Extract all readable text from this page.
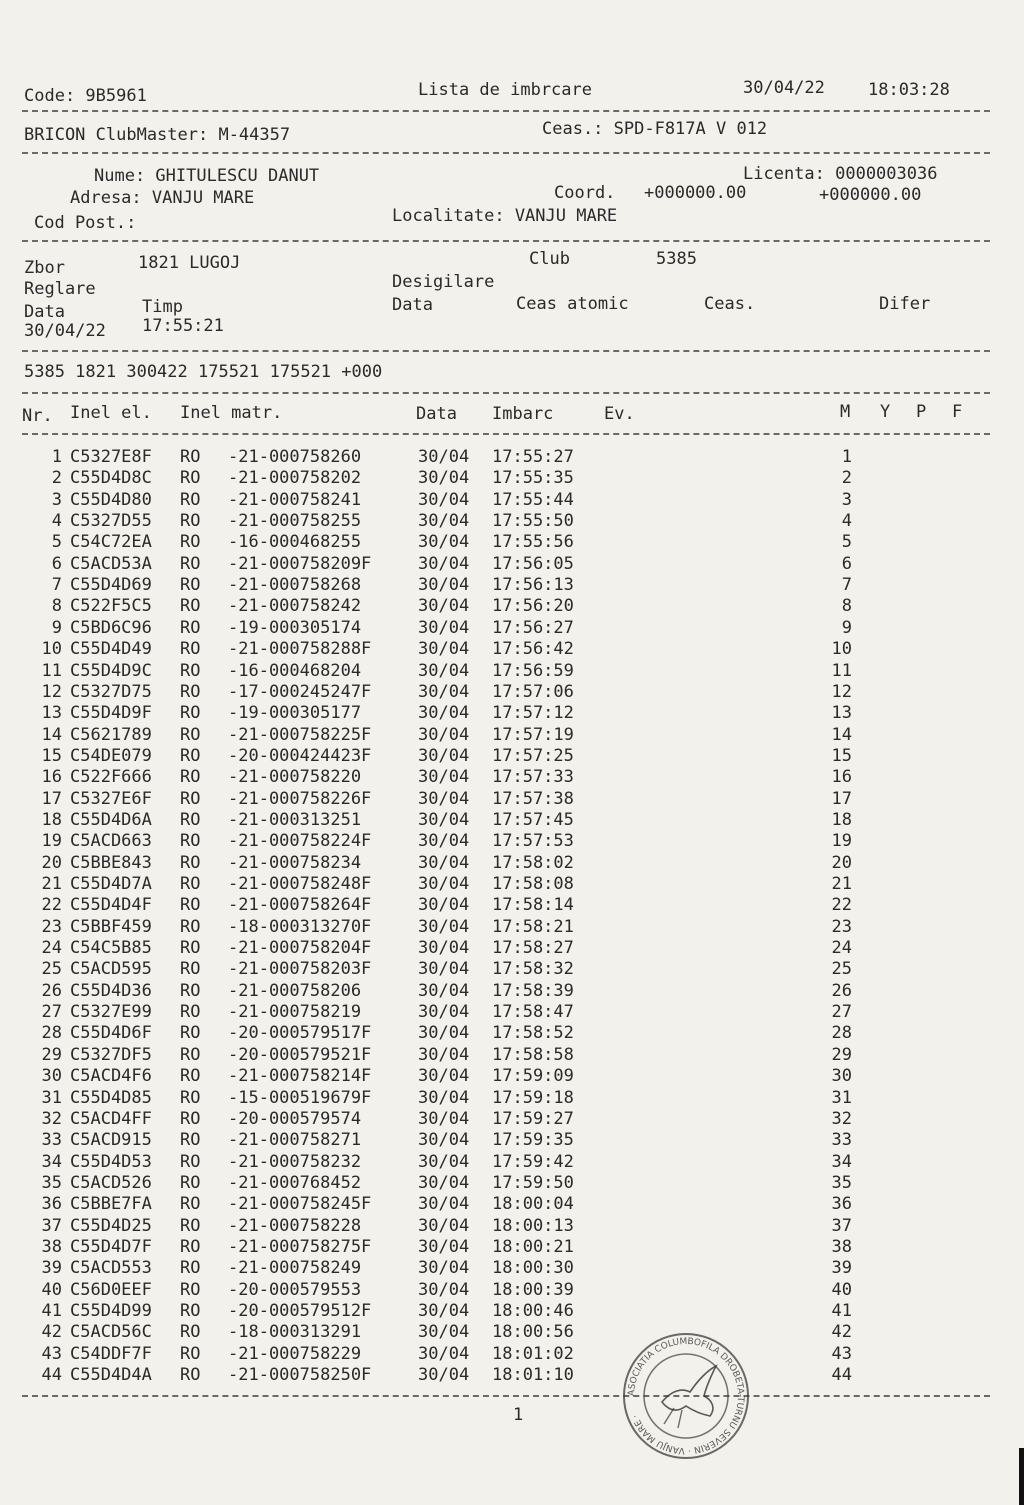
Code: 9B5961	Lista de imbrcare	30/04/22	18:03:28
BRICON ClubMaster: M-44357	Ceas.: SPD-F817A V 012
Nume: GHITULESCU DANUT	Licenta: 0000003036
Adresa: VANJU MARE	Coord. +000000.00	+000000.00
Cod Post.:	Localitate: VANJU MARE
Zbor	1821 LUGOJ	Club	5385
Reglare	Desigilare
Data	Timp	Data	Ceas atomic	Ceas.	Difer
30/04/22 17:55:21
5385 1821 300422 175521 175521 +000
Nr. Inel el. Inel matr.	Data Imbarc	Ev.	M Y P F
1 C5327E8F RO -21-000758260	30/04 17:55:27	1
2 C55D4D8C RO -21-000758202	30/04 17:55:35	2
3 C55D4D80 RO -21-000758241	30/04 17:55:44	3
4 C5327D55 RO -21-000758255	30/04 17:55:50	4
5 C54C72EA RO -16-000468255	30/04 17:55:56	5
6 C5ACD53A RO -21-000758209F	30/04 17:56:05	6
7 C55D4D69 RO -21-000758268	30/04 17:56:13	7
8 C522F5C5 RO -21-000758242	30/04 17:56:20	8
9 C5BD6C96 RO -19-000305174	30/04 17:56:27	9
10 C55D4D49 RO -21-000758288F	30/04 17:56:42	10
11 C55D4D9C RO -16-000468204	30/04 17:56:59	11
12 C5327D75 RO -17-000245247F	30/04 17:57:06	12
13 C55D4D9F RO -19-000305177	30/04 17:57:12	13
14 C5621789 RO -21-000758225F	30/04 17:57:19	14
15 C54DE079 RO -20-000424423F	30/04 17:57:25	15
16 C522F666 RO -21-000758220	30/04 17:57:33	16
17 C5327E6F RO -21-000758226F	30/04 17:57:38	17
18 C55D4D6A RO -21-000313251	30/04 17:57:45	18
19 C5ACD663 RO -21-000758224F	30/04 17:57:53	19
20 C5BBE843 RO -21-000758234	30/04 17:58:02	20
21 C55D4D7A RO -21-000758248F	30/04 17:58:08	21
22 C55D4D4F RO -21-000758264F	30/04 17:58:14	22
23 C5BBF459 RO -18-000313270F	30/04 17:58:21	23
24 C54C5B85 RO -21-000758204F	30/04 17:58:27	24
25 C5ACD595 RO -21-000758203F	30/04 17:58:32	25
26 C55D4D36 RO -21-000758206	30/04 17:58:39	26
27 C5327E99 RO -21-000758219	30/04 17:58:47	27
28 C55D4D6F RO -20-000579517F	30/04 17:58:52	28
29 C5327DF5 RO -20-000579521F	30/04 17:58:58	29
30 C5ACD4F6 RO -21-000758214F	30/04 17:59:09	30
31 C55D4D85 RO -15-000519679F	30/04 17:59:18	31
32 C5ACD4FF RO -20-000579574	30/04 17:59:27	32
33 C5ACD915 RO -21-000758271	30/04 17:59:35	33
34 C55D4D53 RO -21-000758232	30/04 17:59:42	34
35 C5ACD526 RO -21-000768452	30/04 17:59:50	35
36 C5BBE7FA RO -21-000758245F	30/04 18:00:04	36
37 C55D4D25 RO -21-000758228	30/04 18:00:13	37
38 C55D4D7F RO -21-000758275F	30/04 18:00:21	38
39 C5ACD553 RO -21-000758249	30/04 18:00:30	39
40 C56D0EEF RO -20-000579553	30/04 18:00:39	40
41 C55D4D99 RO -20-000579512F	30/04 18:00:46	41
42 C5ACD56C RO -18-000313291	30/04 18:00:56	42
43 C54DDF7F RO -21-000758229	30/04 18:01:02	43
44 C55D4D4A RO -21-000758250F	30/04 18:01:10	44
1
ASOCIATIA COLUMBOFILA DROBETA-TURNU SEVERIN · VANJU MARE ·
